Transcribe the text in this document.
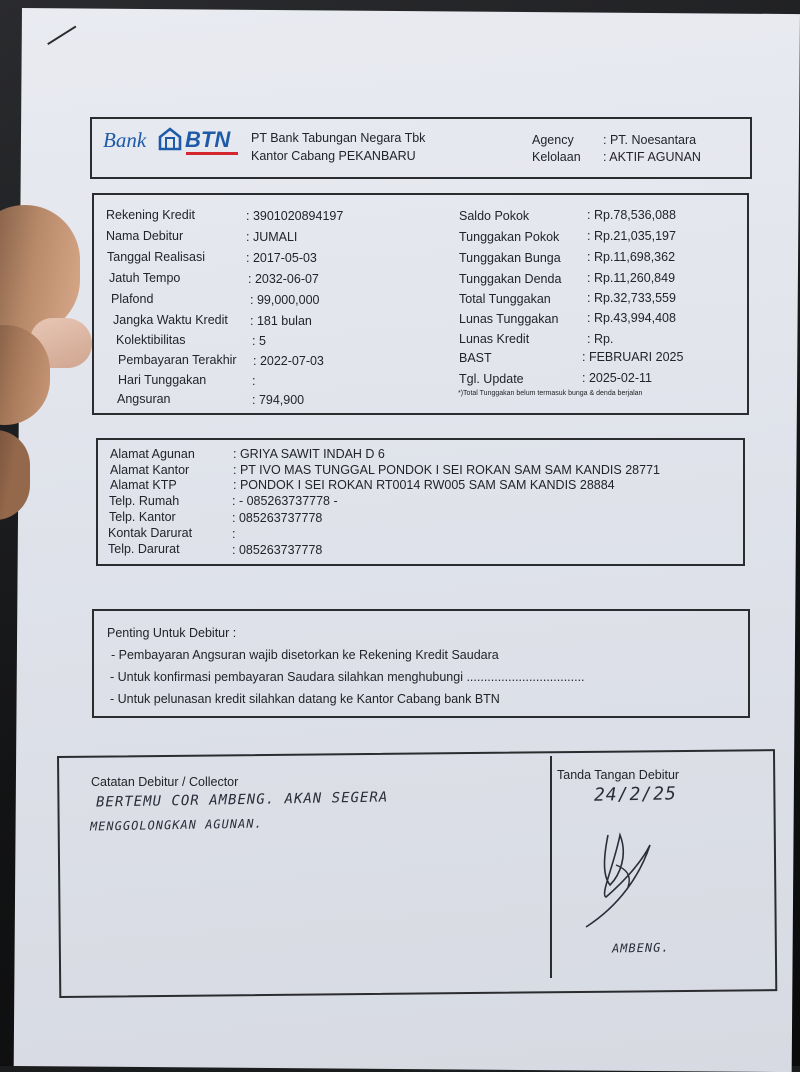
Bank BTN PT Bank Tabungan Negara Tbk
Kantor Cabang PEKANBARU
Agency : PT. Noesantara
Kelolaan : AKTIF AGUNAN
Rekening Kredit	: 3901020894197
Nama Debitur	: JUMALI
Tanggal Realisasi	: 2017-05-03
Jatuh Tempo	: 2032-06-07
Plafond	: 99,000,000
Jangka Waktu Kredit : 181 bulan
Kolektibilitas	: 5
Pembayaran Terakhir : 2022-07-03
Hari Tunggakan	:
Angsuran	: 794,900
Saldo Pokok	: Rp.78,536,088
Tunggakan Pokok : Rp.21,035,197
Tunggakan Bunga : Rp.11,698,362
Tunggakan Denda : Rp.11,260,849
Total Tunggakan	: Rp.32,733,559
Lunas Tunggakan : Rp.43,994,408
Lunas Kredit	: Rp.
BAST	: FEBRUARI 2025
Tgl. Update	: 2025-02-11
*)Total Tunggakan belum termasuk bunga & denda berjalan
Alamat Agunan	: GRIYA SAWIT INDAH D 6
Alamat Kantor	: PT IVO MAS TUNGGAL PONDOK I SEI ROKAN SAM SAM KANDIS 28771
Alamat KTP	: PONDOK I SEI ROKAN RT0014 RW005 SAM SAM KANDIS 28884
Telp. Rumah	: - 085263737778 -
Telp. Kantor	: 085263737778
Kontak Darurat	:
Telp. Darurat	: 085263737778
Penting Untuk Debitur :
- Pembayaran Angsuran wajib disetorkan ke Rekening Kredit Saudara
- Untuk konfirmasi pembayaran Saudara silahkan menghubungi ..................................
- Untuk pelunasan kredit silahkan datang ke Kantor Cabang bank BTN
Catatan Debitur / Collector	Tanda Tangan Debitur
BERTEMU COR AMBENG. AKAN SEGERA
MENGGOLONGKAN AGUNAN.
24/2/25
AMBENG.
